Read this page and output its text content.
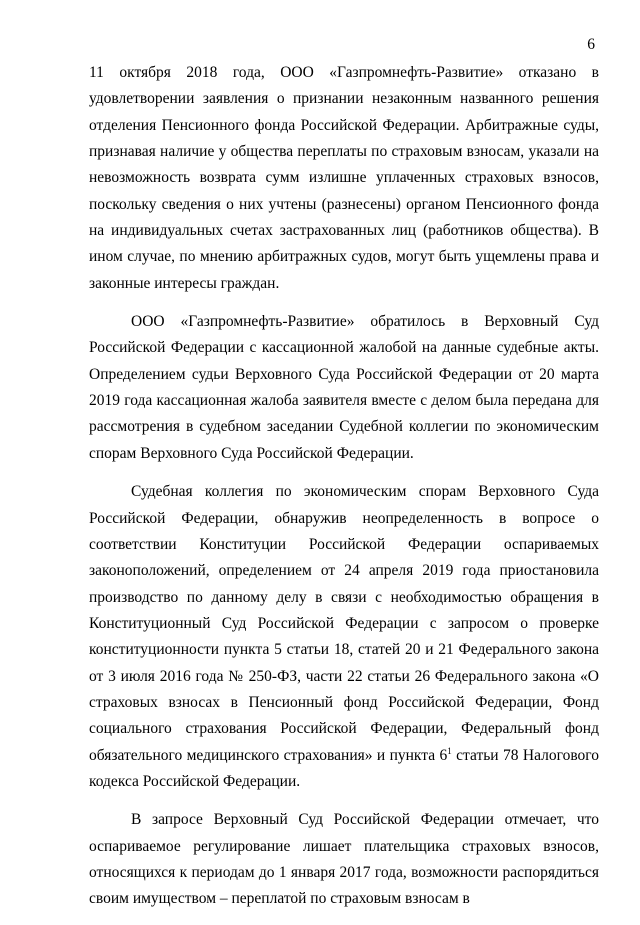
6

11 октября 2018 года, ООО «Газпромнефть-Развитие» отказано в удовлетворении заявления о признании незаконным названного решения отделения Пенсионного фонда Российской Федерации. Арбитражные суды, признавая наличие у общества переплаты по страховым взносам, указали на невозможность возврата сумм излишне уплаченных страховых взносов, поскольку сведения о них учтены (разнесены) органом Пенсионного фонда на индивидуальных счетах застрахованных лиц (работников общества). В ином случае, по мнению арбитражных судов, могут быть ущемлены права и законные интересы граждан.

ООО «Газпромнефть-Развитие» обратилось в Верховный Суд Российской Федерации с кассационной жалобой на данные судебные акты. Определением судьи Верховного Суда Российской Федерации от 20 марта 2019 года кассационная жалоба заявителя вместе с делом была передана для рассмотрения в судебном заседании Судебной коллегии по экономическим спорам Верховного Суда Российской Федерации.

Судебная коллегия по экономическим спорам Верховного Суда Российской Федерации, обнаружив неопределенность в вопросе о соответствии Конституции Российской Федерации оспариваемых законоположений, определением от 24 апреля 2019 года приостановила производство по данному делу в связи с необходимостью обращения в Конституционный Суд Российской Федерации с запросом о проверке конституционности пункта 5 статьи 18, статей 20 и 21 Федерального закона от 3 июля 2016 года № 250-ФЗ, части 22 статьи 26 Федерального закона «О страховых взносах в Пенсионный фонд Российской Федерации, Фонд социального страхования Российской Федерации, Федеральный фонд обязательного медицинского страхования» и пункта $6^1$ статьи 78 Налогового кодекса Российской Федерации.

В запросе Верховный Суд Российской Федерации отмечает, что оспариваемое регулирование лишает плательщика страховых взносов, относящихся к периодам до 1 января 2017 года, возможности распорядиться своим имуществом – переплатой по страховым взносам в
